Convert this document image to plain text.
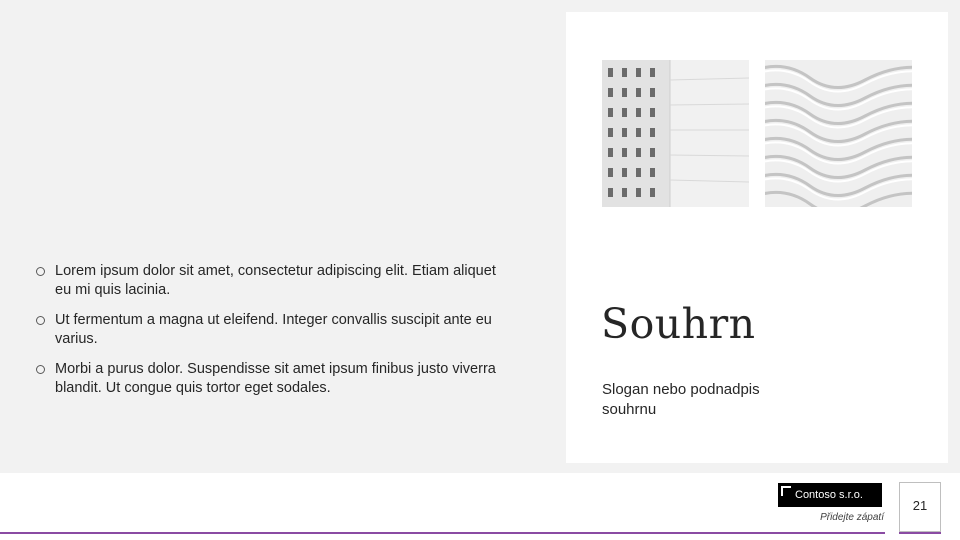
Lorem ipsum dolor sit amet, consectetur adipiscing elit. Etiam aliquet eu mi quis lacinia.
Ut fermentum a magna ut eleifend. Integer convallis suscipit ante eu varius.
Morbi a purus dolor. Suspendisse sit amet ipsum finibus justo viverra blandit. Ut congue quis tortor eget sodales.
Souhrn
Slogan nebo podnadpis souhrnu
Contoso s.r.o.
Přidejte zápatí
21
